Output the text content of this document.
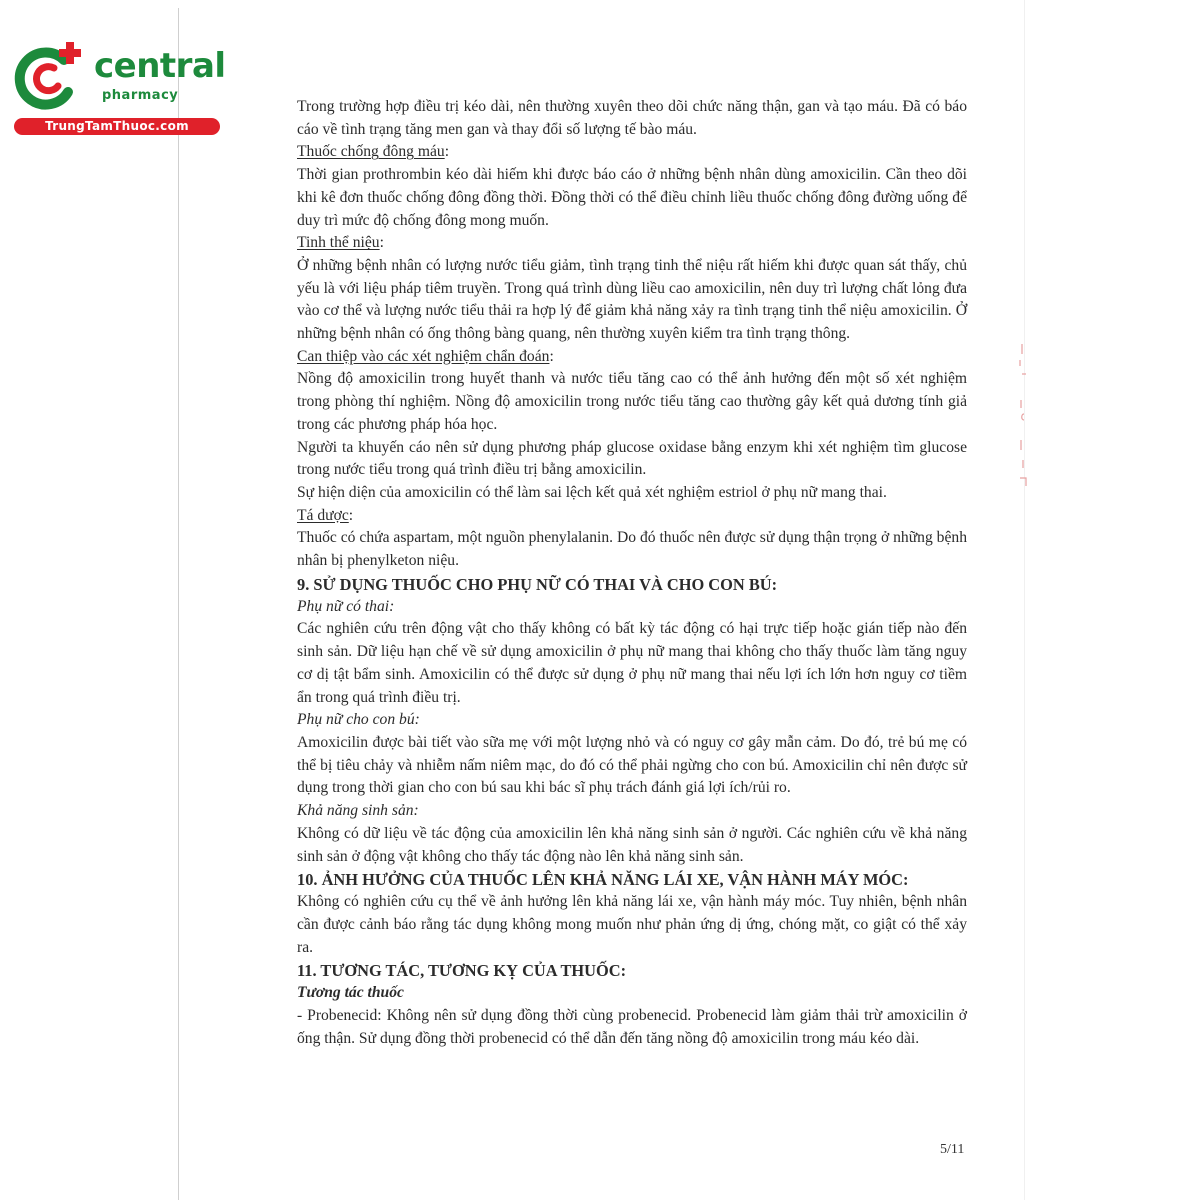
central
pharmacy
TrungTamThuoc.com

Trong trường hợp điều trị kéo dài, nên thường xuyên theo dõi chức năng thận, gan và tạo máu. Đã có báo cáo về tình trạng tăng men gan và thay đổi số lượng tế bào máu.

Thuốc chống đông máu:

Thời gian prothrombin kéo dài hiếm khi được báo cáo ở những bệnh nhân dùng amoxicilin. Cần theo dõi khi kê đơn thuốc chống đông đồng thời. Đồng thời có thể điều chỉnh liều thuốc chống đông đường uống để duy trì mức độ chống đông mong muốn.

Tinh thể niệu:

Ở những bệnh nhân có lượng nước tiểu giảm, tình trạng tinh thể niệu rất hiếm khi được quan sát thấy, chủ yếu là với liệu pháp tiêm truyền. Trong quá trình dùng liều cao amoxicilin, nên duy trì lượng chất lỏng đưa vào cơ thể và lượng nước tiểu thải ra hợp lý để giảm khả năng xảy ra tình trạng tinh thể niệu amoxicilin. Ở những bệnh nhân có ống thông bàng quang, nên thường xuyên kiểm tra tình trạng thông.

Can thiệp vào các xét nghiệm chẩn đoán:

Nồng độ amoxicilin trong huyết thanh và nước tiểu tăng cao có thể ảnh hưởng đến một số xét nghiệm trong phòng thí nghiệm. Nồng độ amoxicilin trong nước tiểu tăng cao thường gây kết quả dương tính giả trong các phương pháp hóa học.

Người ta khuyến cáo nên sử dụng phương pháp glucose oxidase bằng enzym khi xét nghiệm tìm glucose trong nước tiểu trong quá trình điều trị bằng amoxicilin.

Sự hiện diện của amoxicilin có thể làm sai lệch kết quả xét nghiệm estriol ở phụ nữ mang thai.

Tá dược:

Thuốc có chứa aspartam, một nguồn phenylalanin. Do đó thuốc nên được sử dụng thận trọng ở những bệnh nhân bị phenylketon niệu.

9. SỬ DỤNG THUỐC CHO PHỤ NỮ CÓ THAI VÀ CHO CON BÚ:

Phụ nữ có thai:

Các nghiên cứu trên động vật cho thấy không có bất kỳ tác động có hại trực tiếp hoặc gián tiếp nào đến sinh sản. Dữ liệu hạn chế về sử dụng amoxicilin ở phụ nữ mang thai không cho thấy thuốc làm tăng nguy cơ dị tật bẩm sinh. Amoxicilin có thể được sử dụng ở phụ nữ mang thai nếu lợi ích lớn hơn nguy cơ tiềm ẩn trong quá trình điều trị.

Phụ nữ cho con bú:

Amoxicilin được bài tiết vào sữa mẹ với một lượng nhỏ và có nguy cơ gây mẫn cảm. Do đó, trẻ bú mẹ có thể bị tiêu chảy và nhiễm nấm niêm mạc, do đó có thể phải ngừng cho con bú. Amoxicilin chỉ nên được sử dụng trong thời gian cho con bú sau khi bác sĩ phụ trách đánh giá lợi ích/rủi ro.

Khả năng sinh sản:

Không có dữ liệu về tác động của amoxicilin lên khả năng sinh sản ở người. Các nghiên cứu về khả năng sinh sản ở động vật không cho thấy tác động nào lên khả năng sinh sản.

10. ẢNH HƯỞNG CỦA THUỐC LÊN KHẢ NĂNG LÁI XE, VẬN HÀNH MÁY MÓC:

Không có nghiên cứu cụ thể về ảnh hưởng lên khả năng lái xe, vận hành máy móc. Tuy nhiên, bệnh nhân cần được cảnh báo rằng tác dụng không mong muốn như phản ứng dị ứng, chóng mặt, co giật có thể xảy ra.

11. TƯƠNG TÁC, TƯƠNG KỴ CỦA THUỐC:

Tương tác thuốc

- Probenecid: Không nên sử dụng đồng thời cùng probenecid. Probenecid làm giảm thải trừ amoxicilin ở ống thận. Sử dụng đồng thời probenecid có thể dẫn đến tăng nồng độ amoxicilin trong máu kéo dài.

5/11
